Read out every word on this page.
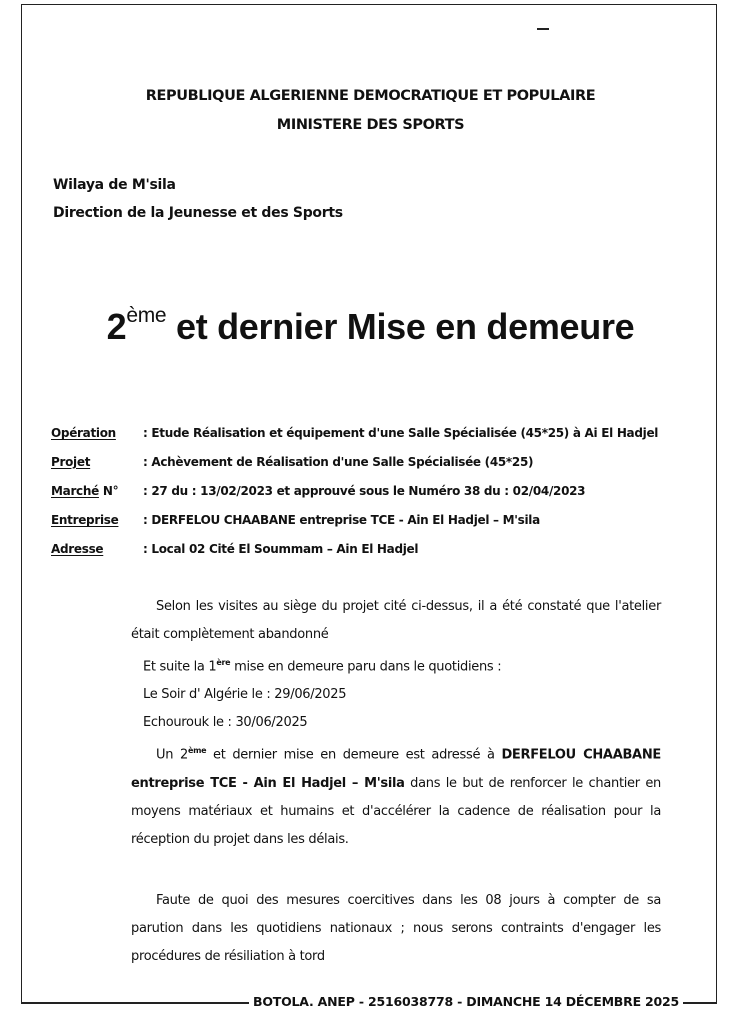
REPUBLIQUE ALGERIENNE DEMOCRATIQUE ET POPULAIRE
MINISTERE DES SPORTS
Wilaya de M'sila
Direction de la Jeunesse et des Sports
2ème et dernier Mise en demeure
Opération : Etude Réalisation et équipement d'une Salle Spécialisée (45*25) à Ai El Hadjel
Projet	: Achèvement de Réalisation d'une Salle Spécialisée (45*25)
Marché N° : 27 du : 13/02/2023 et approuvé sous le Numéro 38 du : 02/04/2023
Entreprise : DERFELOU CHAABANE entreprise TCE - Ain El Hadjel – M'sila
Adresse	: Local 02 Cité El Soummam – Ain El Hadjel

Selon les visites au siège du projet cité ci-dessus, il a été constaté que l'atelier était complètement abandonné

Et suite la 1ère mise en demeure paru dans le quotidiens :

Le Soir d' Algérie le : 29/06/2025

Echourouk le : 30/06/2025

Un 2ème et dernier mise en demeure est adressé à DERFELOU CHAABANE entreprise TCE - Ain El Hadjel – M'sila dans le but de renforcer le chantier en moyens matériaux et humains et d'accélérer la cadence de réalisation pour la réception du projet dans les délais.

Faute de quoi des mesures coercitives dans les 08 jours à compter de sa parution dans les quotidiens nationaux ; nous serons contraints d'engager les procédures de résiliation à tord

BOTOLA. ANEP - 2516038778 - DIMANCHE 14 DÉCEMBRE 2025
